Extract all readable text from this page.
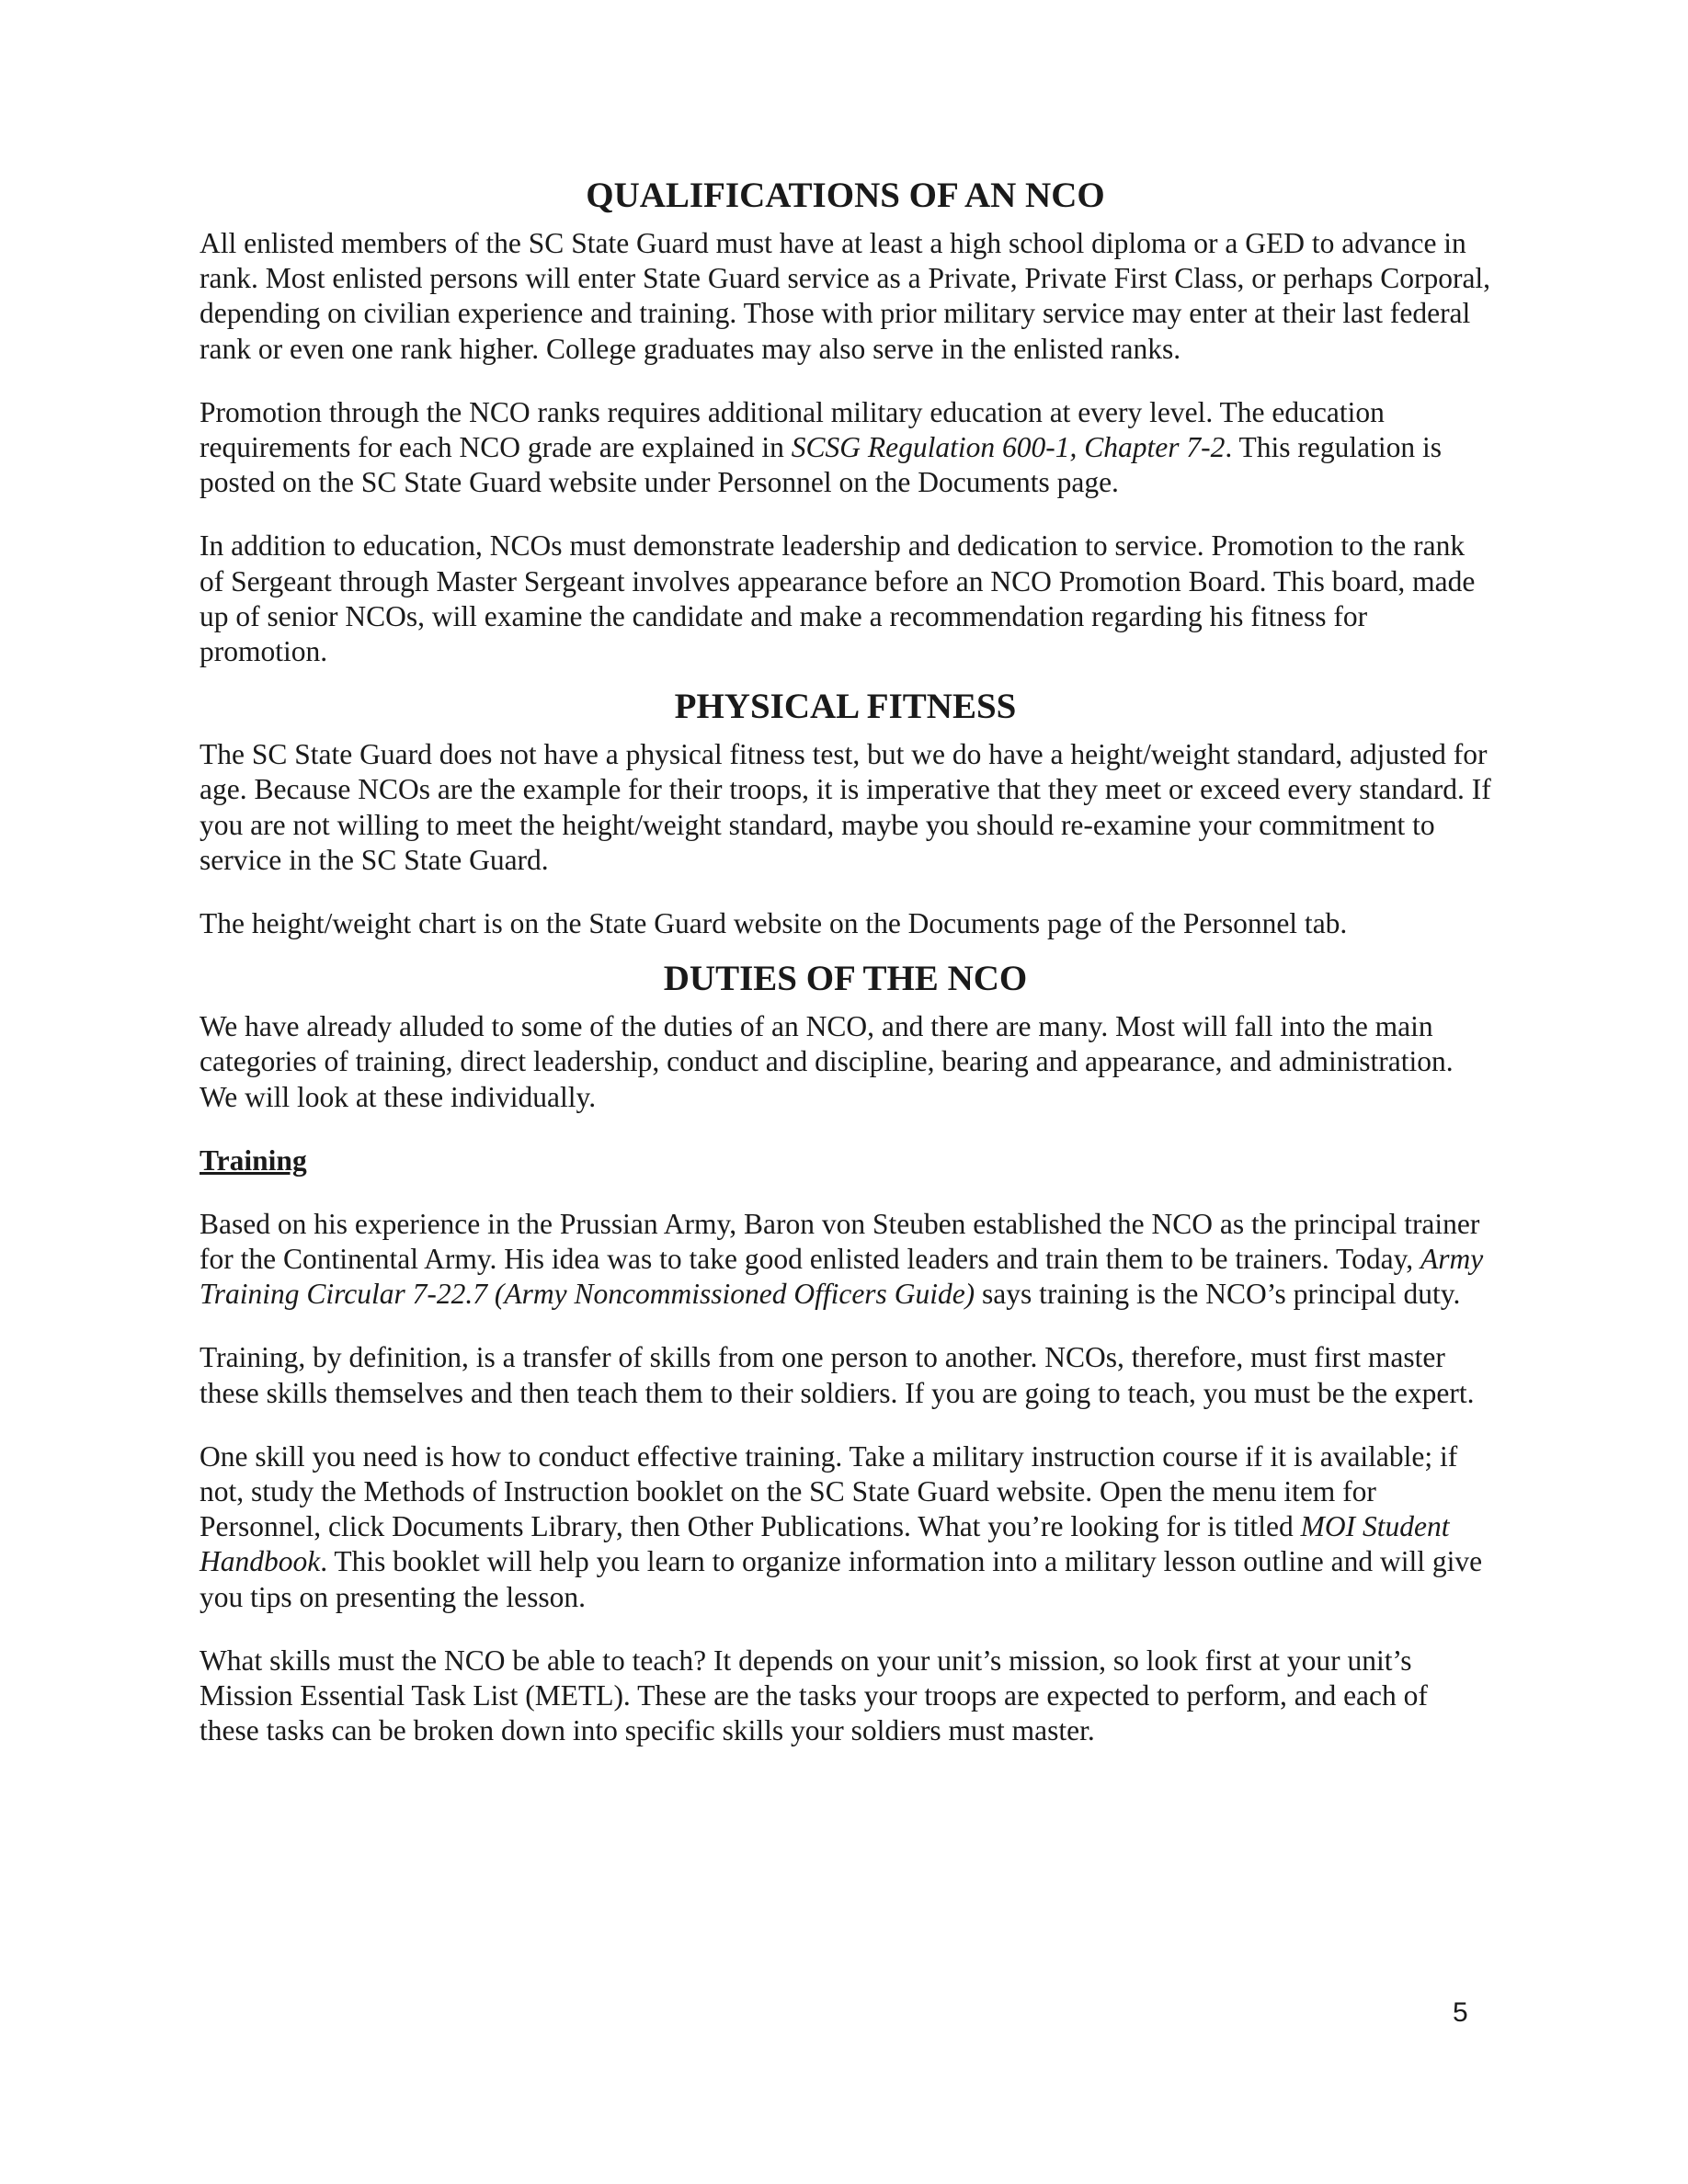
QUALIFICATIONS OF AN NCO

All enlisted members of the SC State Guard must have at least a high school diploma or a GED to advance in rank. Most enlisted persons will enter State Guard service as a Private, Private First Class, or perhaps Corporal, depending on civilian experience and training. Those with prior military service may enter at their last federal rank or even one rank higher. College graduates may also serve in the enlisted ranks.

Promotion through the NCO ranks requires additional military education at every level. The education requirements for each NCO grade are explained in SCSG Regulation 600-1, Chapter 7-2. This regulation is posted on the SC State Guard website under Personnel on the Documents page.

In addition to education, NCOs must demonstrate leadership and dedication to service. Promotion to the rank of Sergeant through Master Sergeant involves appearance before an NCO Promotion Board. This board, made up of senior NCOs, will examine the candidate and make a recommendation regarding his fitness for promotion.

PHYSICAL FITNESS

The SC State Guard does not have a physical fitness test, but we do have a height/weight standard, adjusted for age. Because NCOs are the example for their troops, it is imperative that they meet or exceed every standard. If you are not willing to meet the height/weight standard, maybe you should re-examine your commitment to service in the SC State Guard.

The height/weight chart is on the State Guard website on the Documents page of the Personnel tab.

DUTIES OF THE NCO

We have already alluded to some of the duties of an NCO, and there are many. Most will fall into the main categories of training, direct leadership, conduct and discipline, bearing and appearance, and administration. We will look at these individually.

Training

Based on his experience in the Prussian Army, Baron von Steuben established the NCO as the principal trainer for the Continental Army. His idea was to take good enlisted leaders and train them to be trainers. Today, Army Training Circular 7-22.7 (Army Noncommissioned Officers Guide) says training is the NCO’s principal duty.

Training, by definition, is a transfer of skills from one person to another. NCOs, therefore, must first master these skills themselves and then teach them to their soldiers. If you are going to teach, you must be the expert.

One skill you need is how to conduct effective training. Take a military instruction course if it is available; if not, study the Methods of Instruction booklet on the SC State Guard website. Open the menu item for Personnel, click Documents Library, then Other Publications. What you’re looking for is titled MOI Student Handbook. This booklet will help you learn to organize information into a military lesson outline and will give you tips on presenting the lesson.

What skills must the NCO be able to teach? It depends on your unit’s mission, so look first at your unit’s Mission Essential Task List (METL). These are the tasks your troops are expected to perform, and each of these tasks can be broken down into specific skills your soldiers must master.

5
